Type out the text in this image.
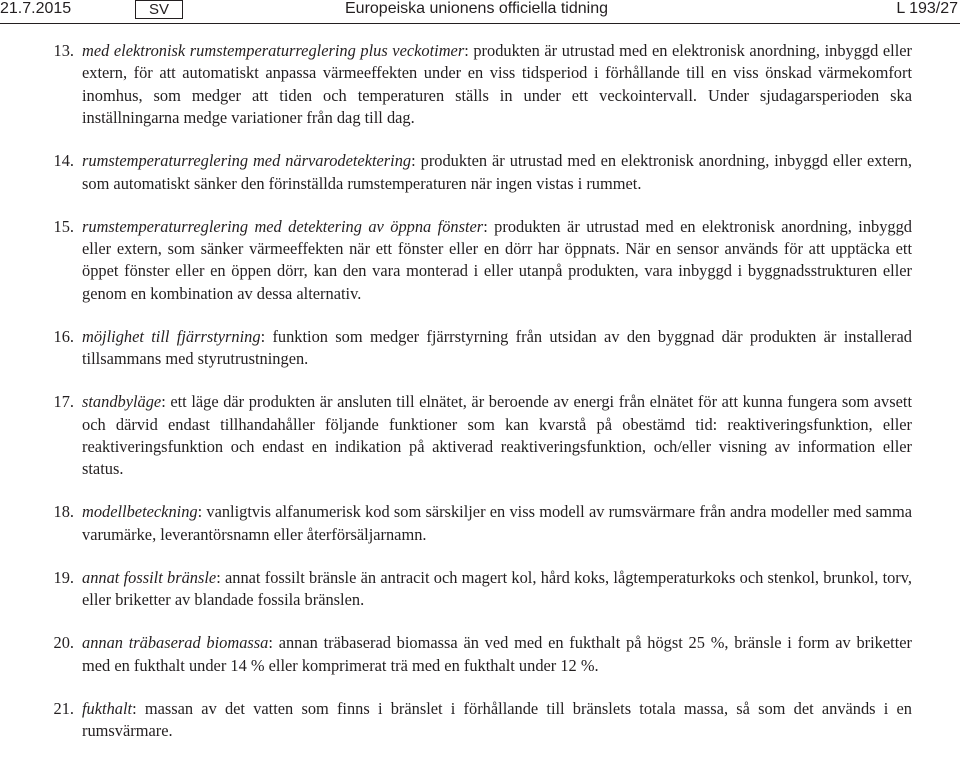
21.7.2015	SV	Europeiska unionens officiella tidning	L 193/27
13. med elektronisk rumstemperaturreglering plus veckotimer: produkten är utrustad med en elektronisk anordning, inbyggd eller extern, för att automatiskt anpassa värmeeffekten under en viss tidsperiod i förhållande till en viss önskad värmekomfort inomhus, som medger att tiden och temperaturen ställs in under ett veckointervall. Under sjudagarsperioden ska inställningarna medge variationer från dag till dag.
14. rumstemperaturreglering med närvarodetektering: produkten är utrustad med en elektronisk anordning, inbyggd eller extern, som automatiskt sänker den förinställda rumstemperaturen när ingen vistas i rummet.
15. rumstemperaturreglering med detektering av öppna fönster: produkten är utrustad med en elektronisk anordning, inbyggd eller extern, som sänker värmeeffekten när ett fönster eller en dörr har öppnats. När en sensor används för att upptäcka ett öppet fönster eller en öppen dörr, kan den vara monterad i eller utanpå produkten, vara inbyggd i byggnadsstrukturen eller genom en kombination av dessa alternativ.
16. möjlighet till fjärrstyrning: funktion som medger fjärrstyrning från utsidan av den byggnad där produkten är installerad tillsammans med styrutrustningen.
17. standbyläge: ett läge där produkten är ansluten till elnätet, är beroende av energi från elnätet för att kunna fungera som avsett och därvid endast tillhandahåller följande funktioner som kan kvarstå på obestämd tid: reaktiveringsfunktion, eller reaktiveringsfunktion och endast en indikation på aktiverad reaktiveringsfunktion, och/eller visning av information eller status.
18. modellbeteckning: vanligtvis alfanumerisk kod som särskiljer en viss modell av rumsvärmare från andra modeller med samma varumärke, leverantörsnamn eller återförsäljarnamn.
19. annat fossilt bränsle: annat fossilt bränsle än antracit och magert kol, hård koks, lågtemperaturkoks och stenkol, brunkol, torv, eller briketter av blandade fossila bränslen.
20. annan träbaserad biomassa: annan träbaserad biomassa än ved med en fukthalt på högst 25 %, bränsle i form av briketter med en fukthalt under 14 % eller komprimerat trä med en fukthalt under 12 %.
21. fukthalt: massan av det vatten som finns i bränslet i förhållande till bränslets totala massa, så som det används i en rumsvärmare.
